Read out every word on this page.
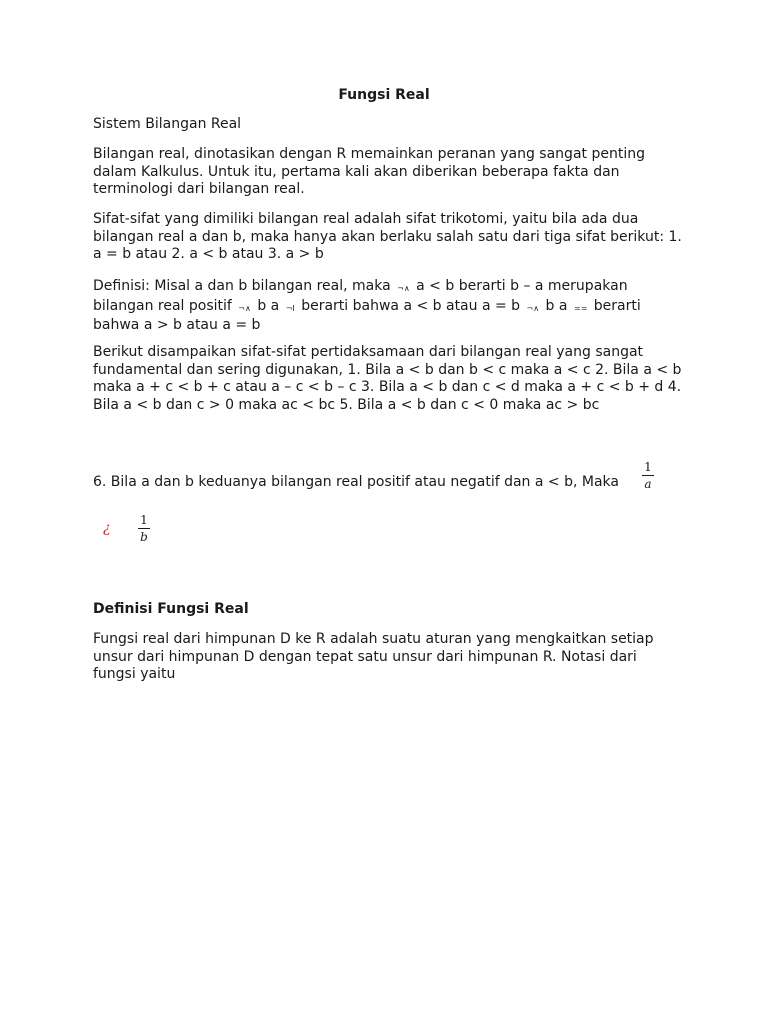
Fungsi Real

Sistem Bilangan Real

Bilangan real, dinotasikan dengan R memainkan peranan yang sangat penting dalam Kalkulus. Untuk itu, pertama kali akan diberikan beberapa fakta dan terminologi dari bilangan real.

Sifat-sifat yang dimiliki bilangan real adalah sifat trikotomi, yaitu bila ada dua bilangan real a dan b, maka hanya akan berlaku salah satu dari tiga sifat berikut: 1. a = b atau 2. a < b atau 3. a > b

Definisi: Misal a dan b bilangan real, maka ¬∧ a < b berarti b – a merupakan bilangan real positif ¬∧ b a ¬I berarti bahwa a < b atau a = b ¬∧ b a ≍≍ berarti bahwa a > b atau a = b

Berikut disampaikan sifat-sifat pertidaksamaan dari bilangan real yang sangat fundamental dan sering digunakan, 1. Bila a < b dan b < c maka a < c 2. Bila a < b maka a + c < b + c atau a – c < b – c 3. Bila a < b dan c < d maka a + c < b + d 4. Bila a < b dan c > 0 maka ac < bc 5. Bila a < b dan c < 0 maka ac > bc

6. Bila a dan b keduanya bilangan real positif atau negatif dan a < b, Maka

1
a
¿ 1
b

Definisi Fungsi Real

Fungsi real dari himpunan D ke R adalah suatu aturan yang mengkaitkan setiap unsur dari himpunan D dengan tepat satu unsur dari himpunan R. Notasi dari fungsi yaitu
